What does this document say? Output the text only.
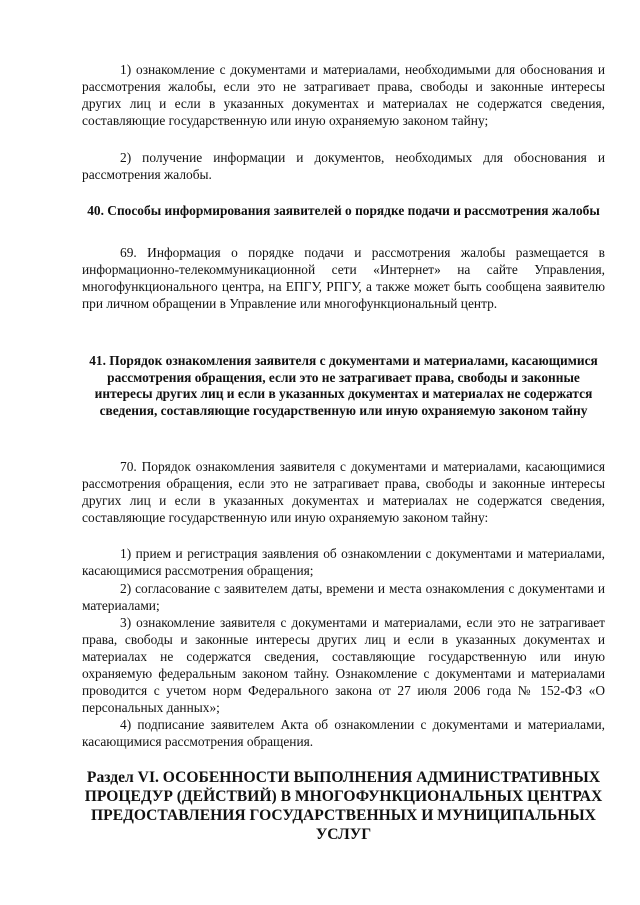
1) ознакомление с документами и материалами, необходимыми для обоснования и рассмотрения жалобы, если это не затрагивает права, свободы и законные интересы других лиц и если в указанных документах и материалах не содержатся сведения, составляющие государственную или иную охраняемую законом тайну;

2) получение информации и документов, необходимых для обоснования и рассмотрения жалобы.

40. Способы информирования заявителей о порядке подачи и рассмотрения жалобы

69. Информация о порядке подачи и рассмотрения жалобы размещается в информационно-телекоммуникационной сети «Интернет» на сайте Управления, многофункционального центра, на ЕПГУ, РПГУ, а также может быть сообщена заявителю при личном обращении в Управление или многофункциональный центр.

41. Порядок ознакомления заявителя с документами и материалами, касающимися рассмотрения обращения, если это не затрагивает права, свободы и законные интересы других лиц и если в указанных документах и материалах не содержатся сведения, составляющие государственную или иную охраняемую законом тайну

70. Порядок ознакомления заявителя с документами и материалами, касающимися рассмотрения обращения, если это не затрагивает права, свободы и законные интересы других лиц и если в указанных документах и материалах не содержатся сведения, составляющие государственную или иную охраняемую законом тайну:

1) прием и регистрация заявления об ознакомлении с документами и материалами, касающимися рассмотрения обращения;

2) согласование с заявителем даты, времени и места ознакомления с документами и материалами;

3) ознакомление заявителя с документами и материалами, если это не затрагивает права, свободы и законные интересы других лиц и если в указанных документах и материалах не содержатся сведения, составляющие государственную или иную охраняемую федеральным законом тайну. Ознакомление с документами и материалами проводится с учетом норм Федерального закона от 27 июля 2006 года № 152-ФЗ «О персональных данных»;

4) подписание заявителем Акта об ознакомлении с документами и материалами, касающимися рассмотрения обращения.

Раздел VI. ОСОБЕННОСТИ ВЫПОЛНЕНИЯ АДМИНИСТРАТИВНЫХ ПРОЦЕДУР (ДЕЙСТВИЙ) В МНОГОФУНКЦИОНАЛЬНЫХ ЦЕНТРАХ ПРЕДОСТАВЛЕНИЯ ГОСУДАРСТВЕННЫХ И МУНИЦИПАЛЬНЫХ УСЛУГ
